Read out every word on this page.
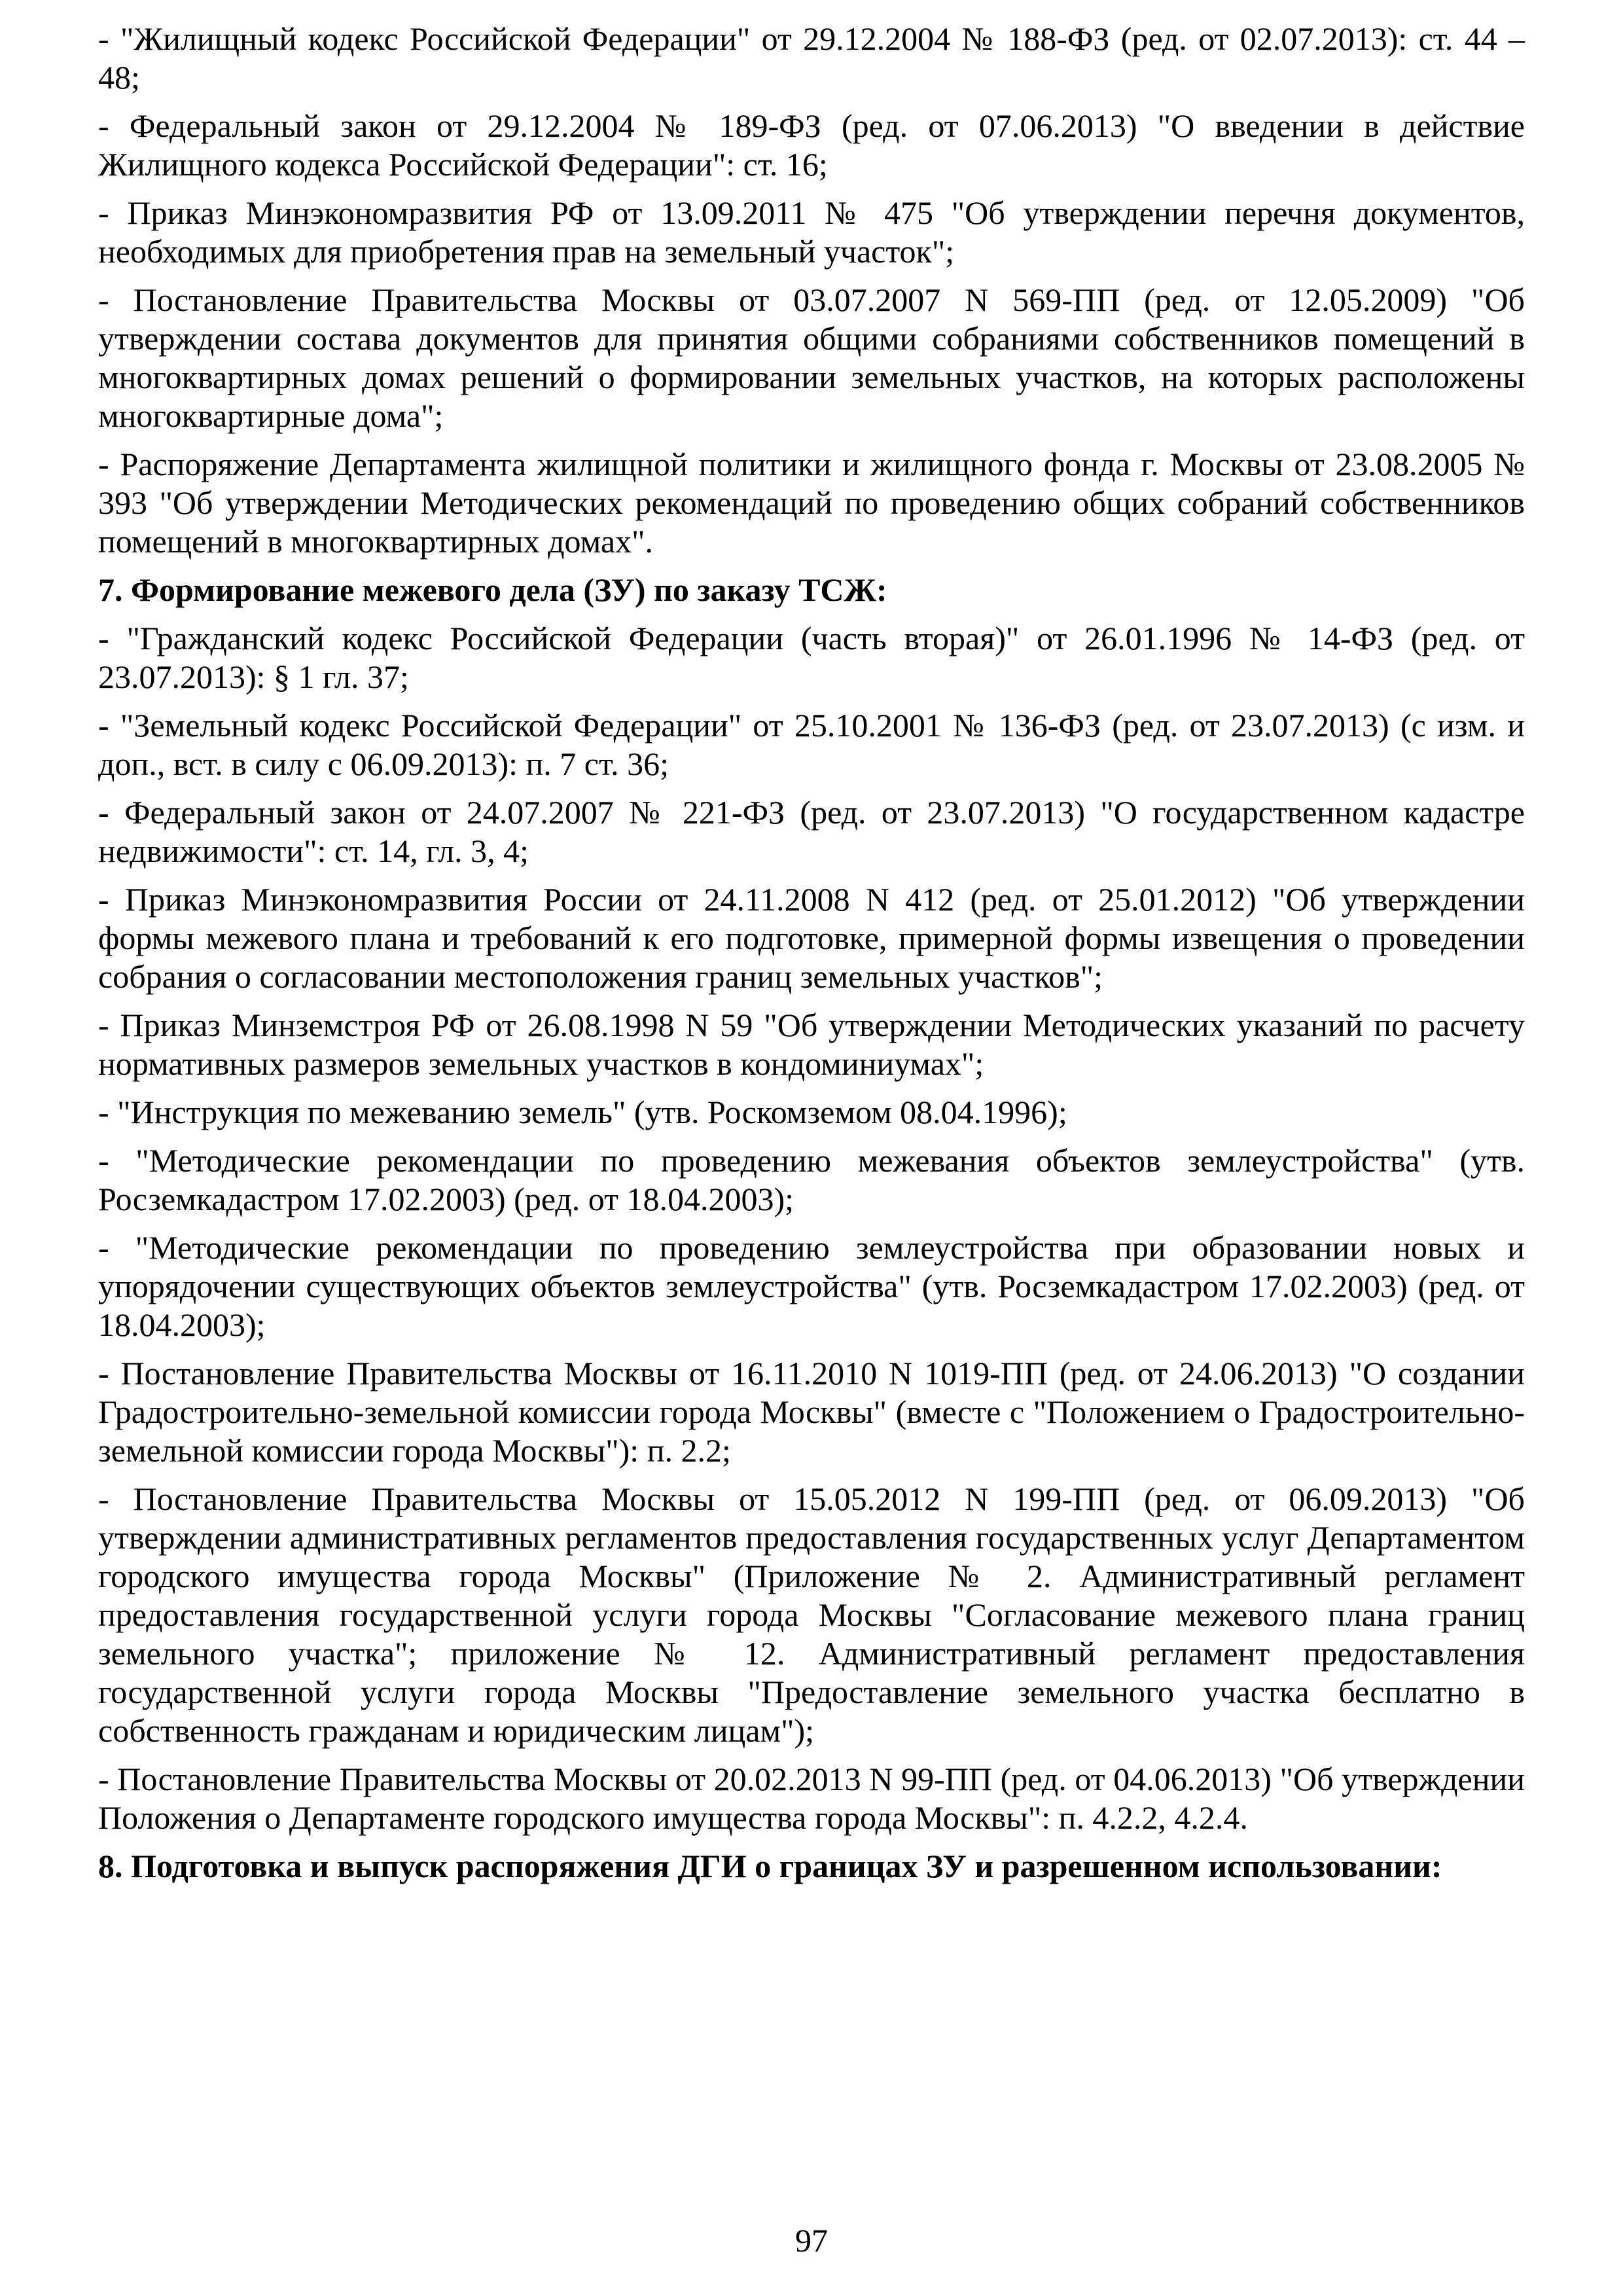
- "Жилищный кодекс Российской Федерации" от 29.12.2004 № 188-ФЗ (ред. от 02.07.2013): ст. 44 – 48;

- Федеральный закон от 29.12.2004 № 189-ФЗ (ред. от 07.06.2013) "О введении в действие Жилищного кодекса Российской Федерации": ст. 16;

- Приказ Минэкономразвития РФ от 13.09.2011 № 475 "Об утверждении перечня документов, необходимых для приобретения прав на земельный участок";

- Постановление Правительства Москвы от 03.07.2007 N 569-ПП (ред. от 12.05.2009) "Об утверждении состава документов для принятия общими собраниями собственников помещений в многоквартирных домах решений о формировании земельных участков, на которых расположены многоквартирные дома";

- Распоряжение Департамента жилищной политики и жилищного фонда г. Москвы от 23.08.2005 № 393 "Об утверждении Методических рекомендаций по проведению общих собраний собственников помещений в многоквартирных домах".

7. Формирование межевого дела (ЗУ) по заказу ТСЖ:

- "Гражданский кодекс Российской Федерации (часть вторая)" от 26.01.1996 № 14-ФЗ (ред. от 23.07.2013): § 1 гл. 37;

- "Земельный кодекс Российской Федерации" от 25.10.2001 № 136-ФЗ (ред. от 23.07.2013) (с изм. и доп., вст. в силу с 06.09.2013): п. 7 ст. 36;

- Федеральный закон от 24.07.2007 № 221-ФЗ (ред. от 23.07.2013) "О государственном кадастре недвижимости": ст. 14, гл. 3, 4;

- Приказ Минэкономразвития России от 24.11.2008 N 412 (ред. от 25.01.2012) "Об утверждении формы межевого плана и требований к его подготовке, примерной формы извещения о проведении собрания о согласовании местоположения границ земельных участков";

- Приказ Минземстроя РФ от 26.08.1998 N 59 "Об утверждении Методических указаний по расчету нормативных размеров земельных участков в кондоминиумах";

- "Инструкция по межеванию земель" (утв. Роскомземом 08.04.1996);

- "Методические рекомендации по проведению межевания объектов землеустройства" (утв. Росземкадастром 17.02.2003) (ред. от 18.04.2003);

- "Методические рекомендации по проведению землеустройства при образовании новых и упорядочении существующих объектов землеустройства" (утв. Росземкадастром 17.02.2003) (ред. от 18.04.2003);

- Постановление Правительства Москвы от 16.11.2010 N 1019-ПП (ред. от 24.06.2013) "О создании Градостроительно-земельной комиссии города Москвы" (вместе с "Положением о Градостроительно-земельной комиссии города Москвы"): п. 2.2;

- Постановление Правительства Москвы от 15.05.2012 N 199-ПП (ред. от 06.09.2013) "Об утверждении административных регламентов предоставления государственных услуг Департаментом городского имущества города Москвы" (Приложение № 2. Административный регламент предоставления государственной услуги города Москвы "Согласование межевого плана границ земельного участка"; приложение № 12. Административный регламент предоставления государственной услуги города Москвы "Предоставление земельного участка бесплатно в собственность гражданам и юридическим лицам");

- Постановление Правительства Москвы от 20.02.2013 N 99-ПП (ред. от 04.06.2013) "Об утверждении Положения о Департаменте городского имущества города Москвы": п. 4.2.2, 4.2.4.

8. Подготовка и выпуск распоряжения ДГИ о границах ЗУ и разрешенном использовании:

97
